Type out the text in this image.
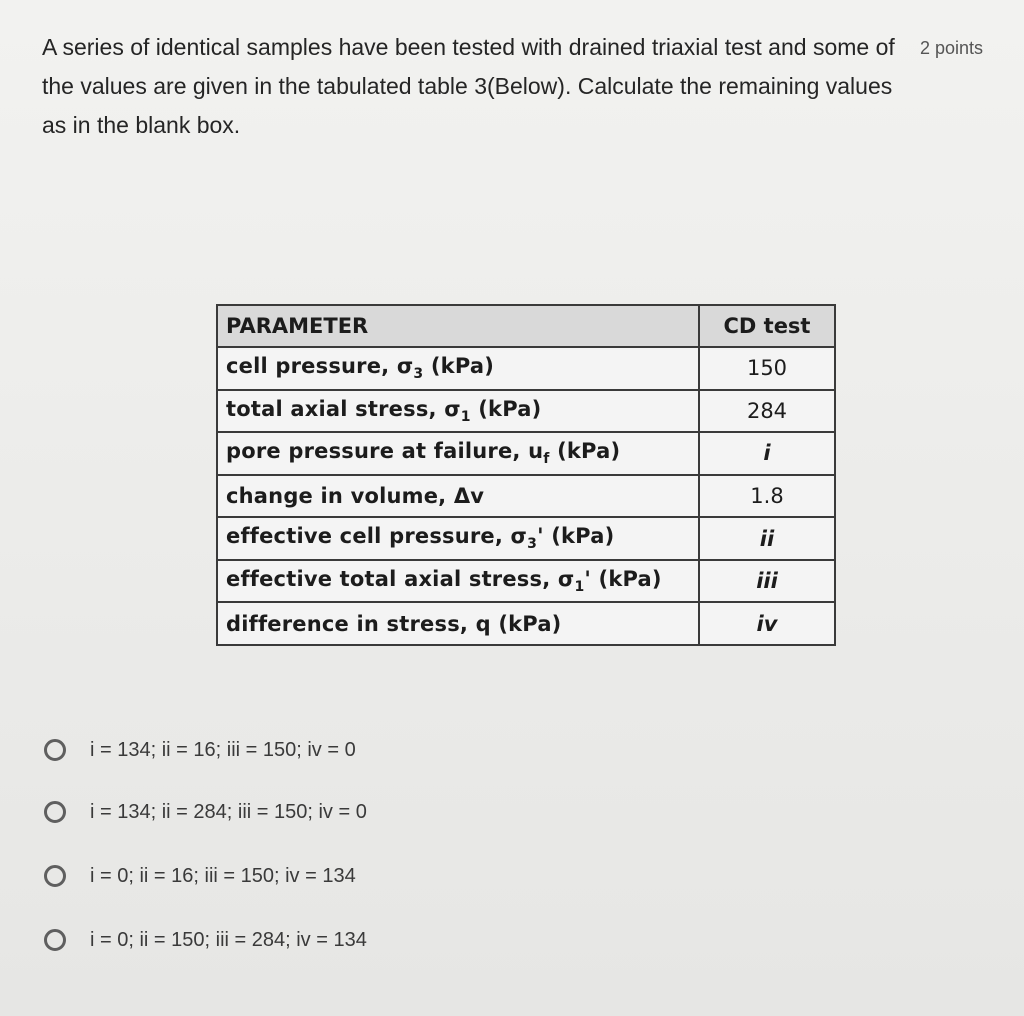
A series of identical samples have been tested with drained triaxial test and some of the values are given in the tabulated table 3(Below). Calculate the remaining values as in the blank box.

2 points
PARAMETER	CD test
cell pressure, $\sigma_3$ (kPa)	150
total axial stress, $\sigma_1$ (kPa)	284
pore pressure at failure, $u_f$ (kPa)	i
change in volume, Δv	1.8
effective cell pressure, $\sigma_3'$ (kPa)	ii
effective total axial stress, $\sigma_1'$ (kPa)	iii
difference in stress, q (kPa)	iv
i = 134; ii = 16; iii = 150; iv = 0
i = 134; ii = 284; iii = 150; iv = 0
i = 0; ii = 16; iii = 150; iv = 134
i = 0; ii = 150; iii = 284; iv = 134
